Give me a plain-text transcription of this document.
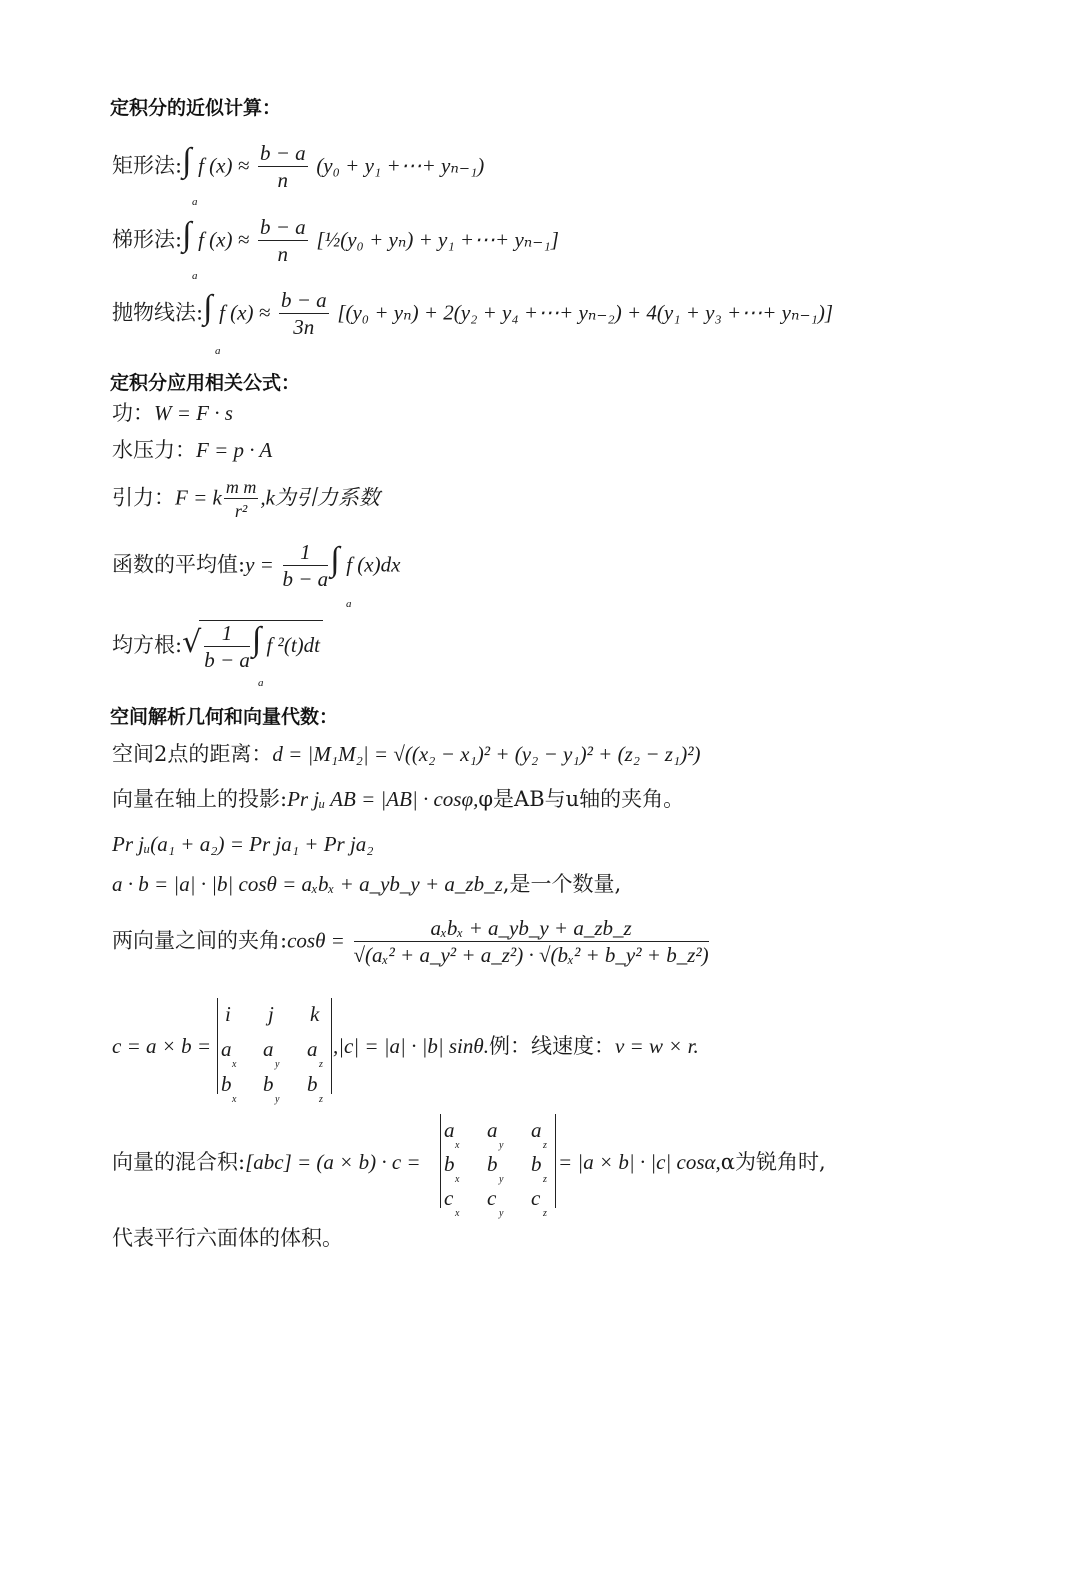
定积分的近似计算：
矩形法:∫ f $(x) \approx \frac{b - a}{n} (y_0 + y_1$ +⋯+ yₙ₋₁)
a
梯形法:∫ f $(x) \approx \frac{b - a}{n}$ [½(y₀ + yₙ) + y₁ +⋯+ yₙ₋₁]
a
抛物线法:∫ f $(x) \approx \frac{b - a}{3n} [(y_0 + y_n) + 2(y_2 + y_4$ +⋯+ yₙ₋₂) + 4(y₁ + y₃ +⋯+ yₙ₋₁)]
a
定积分应用相关公式：
功：W = F · s
水压力：F = p · A
引力：F = k $\frac{\text{m m}}{\text{r²}} ,k$为引力系数
函数的平均值:y = $\frac{1}{b - a}$ ∫ f (x)dx
a
均方根:√ $\frac{1}{b - a}$ ∫ f ²(t)dt
a
空间解析几何和向量代数：
空间2点的距离：d = |M₁M₂| = √((x₂ − x₁)² + (y₂ − y₁)² + (z₂ − z₁)²)
向量在轴上的投影:Pr jᵤ AB = |AB| · cosφ,φ是AB与u轴的夹角。
Pr jᵤ(a₁ + a₂) = Pr ja₁ + Pr ja₂
a · b = |a| · |b| cosθ = aₓbₓ + a_yb_y + a_zb_z,是一个数量,
两向量之间的夹角:cosθ = $\frac{\text{aₓbₓ + a\_yb\_y + a\_zb\_z}}{\text{√(aₓ² + a\_y² + a\_z²) · √(bₓ² + b\_y² + b\_z²)}}$
c = a × b =
i j k
a
x
a
y
a
z
b
x
b
y
b
z
,|c| = |a| · |b| sinθ.例：线速度：v = w × r.
向量的混合积:[abc] = (a × b) · c =
a
x
a
y
a
z
b
x
b
y
b
z
c
x
c
y
c
z
= |a × b| · |c| cosα,α为锐角时,
代表平行六面体的体积。
